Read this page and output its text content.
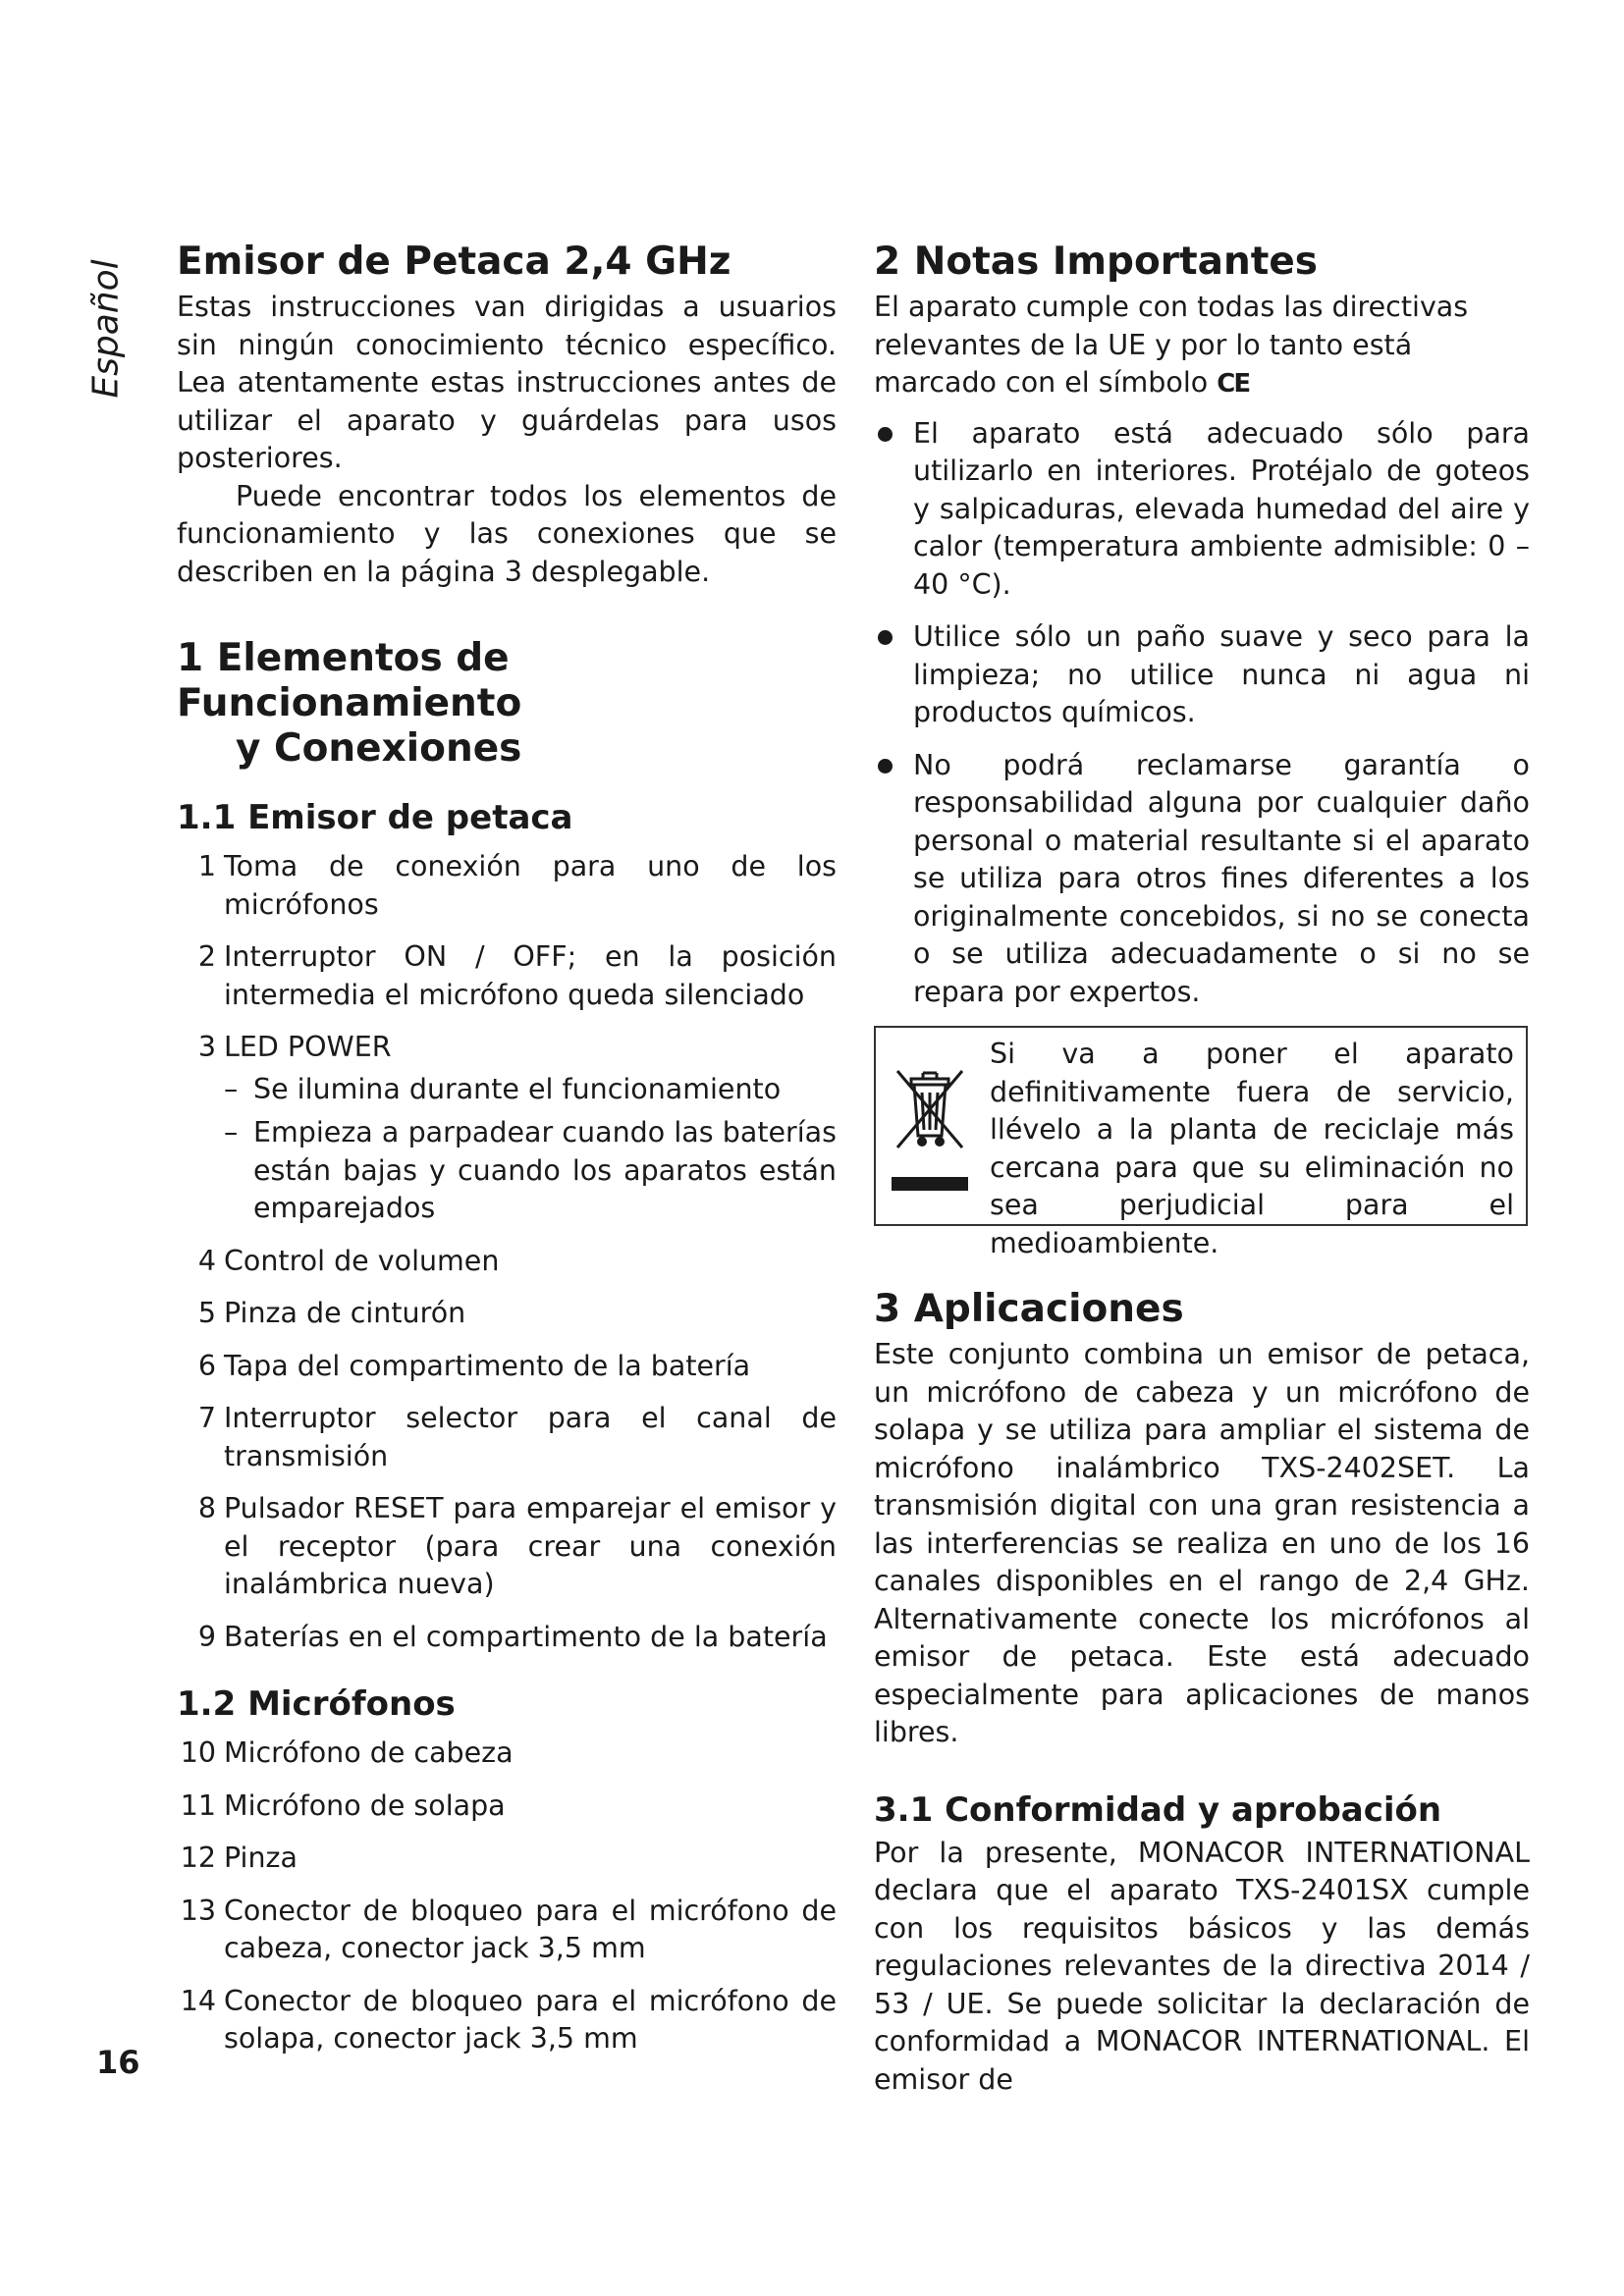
Español Emisor de Petaca 2,4 GHz

Estas instrucciones van dirigidas a usuarios sin ningún conocimiento técnico específico. Lea atentamente estas instrucciones antes de utilizar el aparato y guárdelas para usos posteriores.

Puede encontrar todos los elementos de funcionamiento y las conexiones que se describen en la página 3 desplegable.

1 Elementos de Funcionamiento
y Conexiones
1.1 Emisor de petaca
1 Toma de conexión para uno de los micrófonos
2 Interruptor ON / OFF; en la posición intermedia el micrófono queda silenciado
3 LED POWER
– Se ilumina durante el funcionamiento
– Empieza a parpadear cuando las baterías están bajas y cuando los aparatos están emparejados
4 Control de volumen
5 Pinza de cinturón
6 Tapa del compartimento de la batería
7 Interruptor selector para el canal de transmisión
8 Pulsador RESET para emparejar el emisor y el receptor (para crear una conexión inalámbrica nueva)
9 Baterías en el compartimento de la batería
1.2 Micrófonos
10 Micrófono de cabeza
11 Micrófono de solapa
12 Pinza
13 Conector de bloqueo para el micrófono de cabeza, conector jack 3,5 mm
14 Conector de bloqueo para el micrófono de solapa, conector jack 3,5 mm
2 Notas Importantes

El aparato cumple con todas las directivas relevantes de la UE y por lo tanto está marcado con el símbolo CE

El aparato está adecuado sólo para utilizarlo en interiores. Protéjalo de goteos y salpicaduras, elevada humedad del aire y calor (temperatura ambiente admisible: 0 – 40 °C).
Utilice sólo un paño suave y seco para la limpieza; no utilice nunca ni agua ni productos químicos.
No podrá reclamarse garantía o responsabilidad alguna por cualquier daño personal o material resultante si el aparato se utiliza para otros fines diferentes a los originalmente concebidos, si no se conecta o se utiliza adecuadamente o si no se repara por expertos.
Si va a poner el aparato definitivamente fuera de servicio, llévelo a la planta de reciclaje más cercana para que su eliminación no sea perjudicial para el medioambiente.
3 Aplicaciones

Este conjunto combina un emisor de petaca, un micrófono de cabeza y un micrófono de solapa y se utiliza para ampliar el sistema de micrófono inalámbrico TXS-2402SET. La transmisión digital con una gran resistencia a las interferencias se realiza en uno de los 16 canales disponibles en el rango de 2,4 GHz. Alternativamente conecte los micrófonos al emisor de petaca. Este está adecuado especialmente para aplicaciones de manos libres.

3.1 Conformidad y aprobación

Por la presente, MONACOR INTERNATIONAL declara que el aparato TXS-2401SX cumple con los requisitos básicos y las demás regulaciones relevantes de la directiva 2014 / 53 / UE. Se puede solicitar la declaración de conformidad a MONACOR INTERNATIONAL. El emisor de

16
